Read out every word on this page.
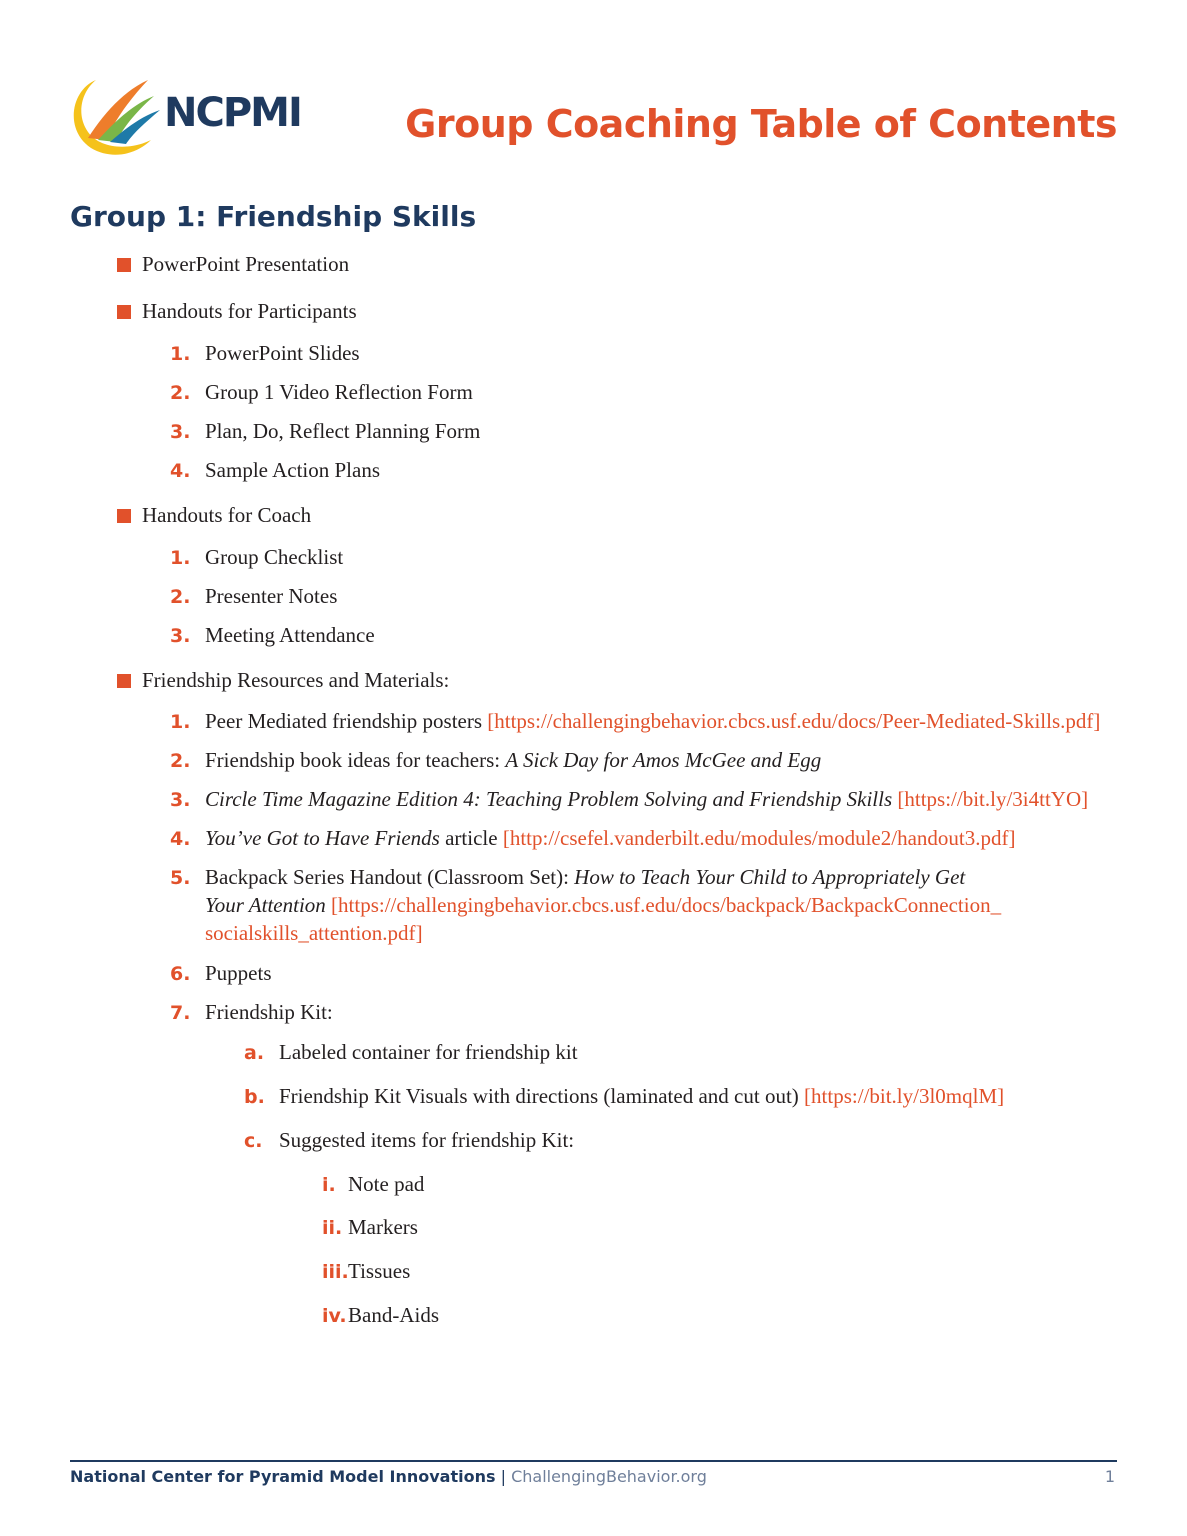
NCPMI	Group Coaching Table of Contents
Group 1: Friendship Skills
PowerPoint Presentation
Handouts for Participants
1. PowerPoint Slides
2. Group 1 Video Reflection Form
3. Plan, Do, Reflect Planning Form
4. Sample Action Plans
Handouts for Coach
1. Group Checklist
2. Presenter Notes
3. Meeting Attendance
Friendship Resources and Materials:
1. Peer Mediated friendship posters [https://challengingbehavior.cbcs.usf.edu/docs/Peer-Mediated-Skills.pdf]
2. Friendship book ideas for teachers: A Sick Day for Amos McGee and Egg
3. Circle Time Magazine Edition 4: Teaching Problem Solving and Friendship Skills [https://bit.ly/3i4ttYO]
4. You’ve Got to Have Friends article [http://csefel.vanderbilt.edu/modules/module2/handout3.pdf]
5. Backpack Series Handout (Classroom Set): How to Teach Your Child to Appropriately Get
Your Attention [https://challengingbehavior.cbcs.usf.edu/docs/backpack/BackpackConnection_
socialskills_attention.pdf]
6. Puppets
7. Friendship Kit:
a. Labeled container for friendship kit
b. Friendship Kit Visuals with directions (laminated and cut out) [https://bit.ly/3l0mqlM]
c. Suggested items for friendship Kit:
i. Note pad
ii. Markers
iii. Tissues
iv. Band-Aids
National Center for Pyramid Model Innovations | ChallengingBehavior.org	1
